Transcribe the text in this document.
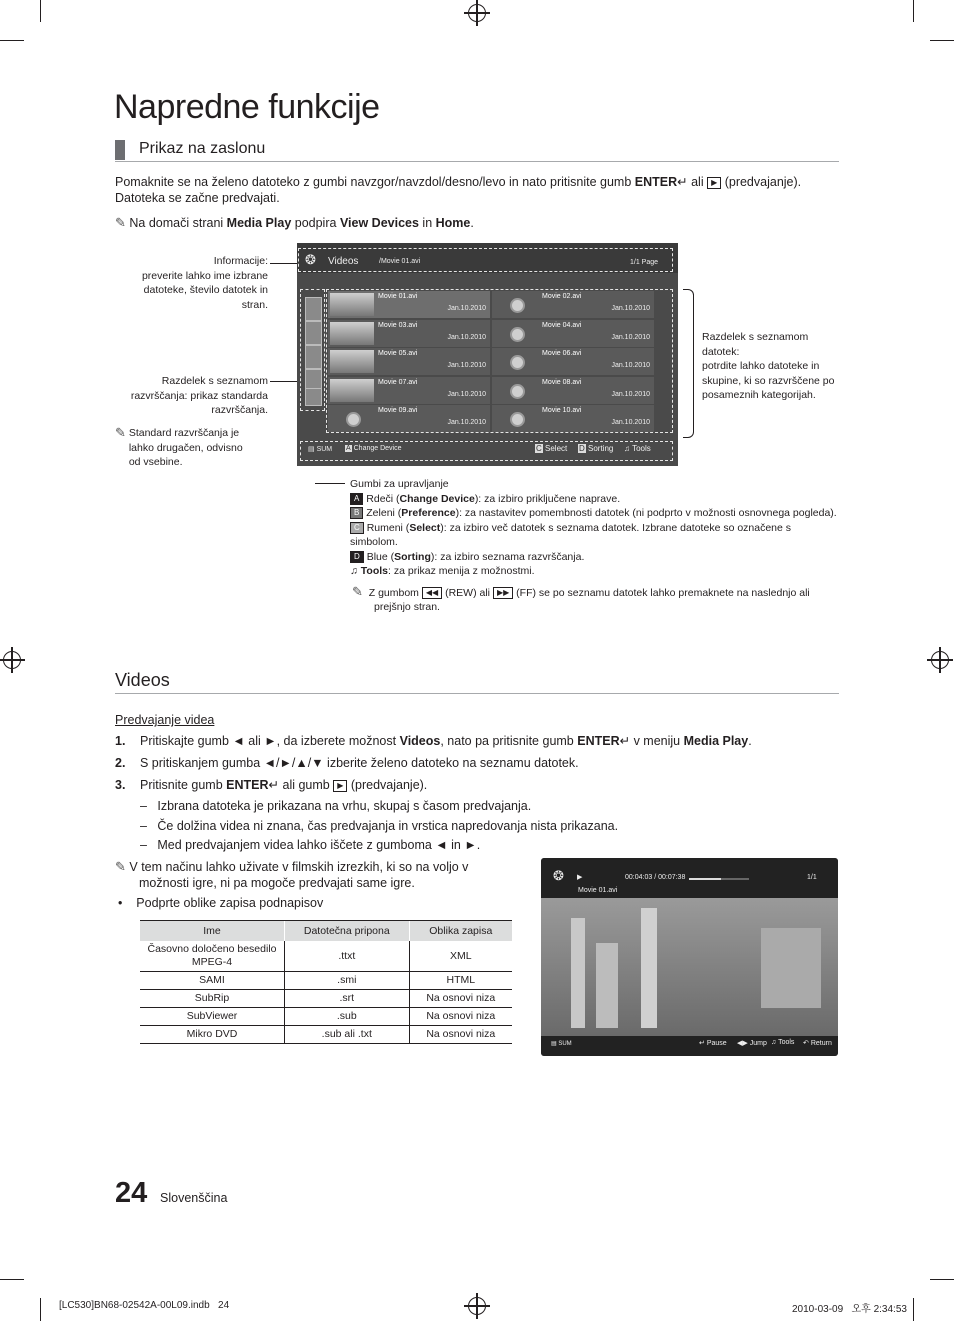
Napredne funkcije
Prikaz na zaslonu
Pomaknite se na želeno datoteko z gumbi navzgor/navzdol/desno/levo in nato pritisnite gumb ENTER↵ ali ▶ (predvajanje).
Datoteka se začne predvajati.
✎ Na domači strani Media Play podpira View Devices in Home.
Informacije:
preverite lahko ime izbrane datoteke, število datotek in stran.
Razdelek s seznamom razvrščanja: prikaz standarda razvrščanja.
✎ Standard razvrščanja je lahko drugačen, odvisno od vsebine.
❂ Videos	/Movie 01.avi	1/1 Page
▤ SUM A Change Device	C Select D Sorting ♫ Tools
Movie 01.avi
Jan.10.2010
Movie 02.avi
Jan.10.2010
Movie 03.avi
Jan.10.2010
Movie 04.avi
Jan.10.2010
Movie 05.avi
Jan.10.2010
Movie 06.avi
Jan.10.2010
Movie 07.avi
Jan.10.2010
Movie 08.avi
Jan.10.2010
Movie 09.avi
Jan.10.2010
Movie 10.avi
Jan.10.2010
Razdelek s seznamom datotek:
potrdite lahko datoteke in skupine, ki so razvrščene po posameznih kategorijah.
Gumbi za upravljanje
A Rdeči (Change Device): za izbiro priključene naprave.
B Zeleni (Preference): za nastavitev pomembnosti datotek (ni podprto v možnosti osnovnega pogleda).
C Rumeni (Select): za izbiro več datotek s seznama datotek. Izbrane datoteke so označene s
simbolom.
D Blue (Sorting): za izbiro seznama razvrščanja.
♫ Tools: za prikaz menija z možnostmi.
✎ Z gumbom ◀◀ (REW) ali ▶▶ (FF) se po seznamu datotek lahko premaknete na naslednjo ali
prejšnjo stran.
Videos
Predvajanje videa
1. Pritiskajte gumb ◄ ali ►, da izberete možnost Videos, nato pa pritisnite gumb ENTER↵ v meniju Media Play.
2. S pritiskanjem gumba ◄/►/▲/▼ izberite želeno datoteko na seznamu datotek.
3. Pritisnite gumb ENTER↵ ali gumb ▶ (predvajanje).
–   Izbrana datoteka je prikazana na vrhu, skupaj s časom predvajanja.
–   Če dolžina videa ni znana, čas predvajanja in vrstica napredovanja nista prikazana.
–   Med predvajanjem videa lahko iščete z gumboma ◄ in ►.
✎ V tem načinu lahko uživate v filmskih izrezkih, ki so na voljo v
možnosti igre, ni pa mogoče predvajati same igre.
•    Podprte oblike zapisa podnapisov
Ime	Datotečna pripona	Oblika zapisa
Časovno določeno besedilo MPEG-4	.ttxt	XML
SAMI	.smi	HTML
SubRip	.srt	Na osnovi niza
SubViewer	.sub	Na osnovi niza
Mikro DVD	.sub ali .txt	Na osnovi niza
❂ ▶	00:04:03 / 00:07:38	1/1
Movie 01.avi
▤ SUM	↵ Pause ◀▶ Jump ♫ Tools ↶ Return
24 Slovenščina
[LC530]BN68-02542A-00L09.indb   24	2010-03-09   오후 2:34:53
